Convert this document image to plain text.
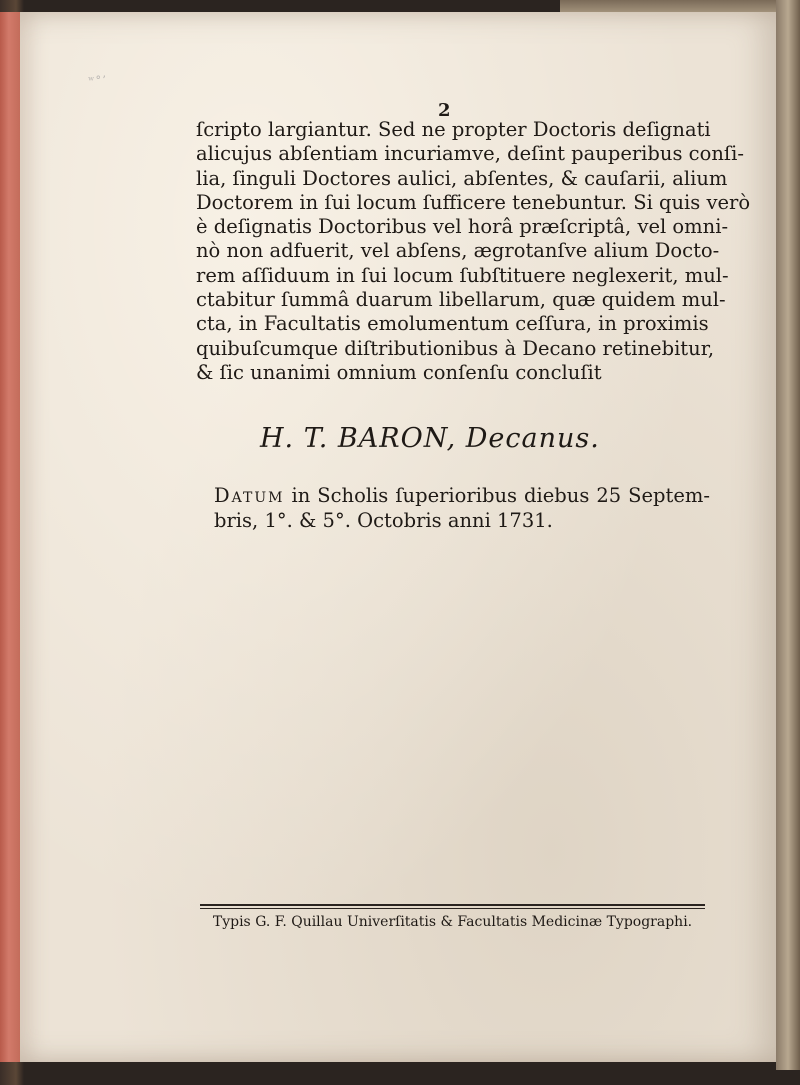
ʷ°ʼ
2
ſcripto largiantur. Sed ne propter Doctoris deſignati
alicujus abſentiam incuriamve, deſint pauperibus conſi-
lia, ſinguli Doctores aulici, abſentes, & cauſarii, alium
Doctorem in ſui locum ſufficere tenebuntur. Si quis verò
è deſignatis Doctoribus vel horâ præſcriptâ, vel omni-
nò non adfuerit, vel abſens, ægrotanſve alium Docto-
rem aſſiduum in ſui locum ſubſtituere neglexerit, mul-
ctabitur ſummâ duarum libellarum, quæ quidem mul-
cta, in Facultatis emolumentum ceſſura, in proximis
quibuſcumque diſtributionibus à Decano retinebitur,
& ſic unanimi omnium conſenſu concluſit
H. T. BARON, Decanus.
Datum in Scholis ſuperioribus diebus 25 Septem-
bris, 1°. & 5°. Octobris anni 1731.
Typis G. F. Quillau Univerſitatis & Facultatis Medicinæ Typographi.
